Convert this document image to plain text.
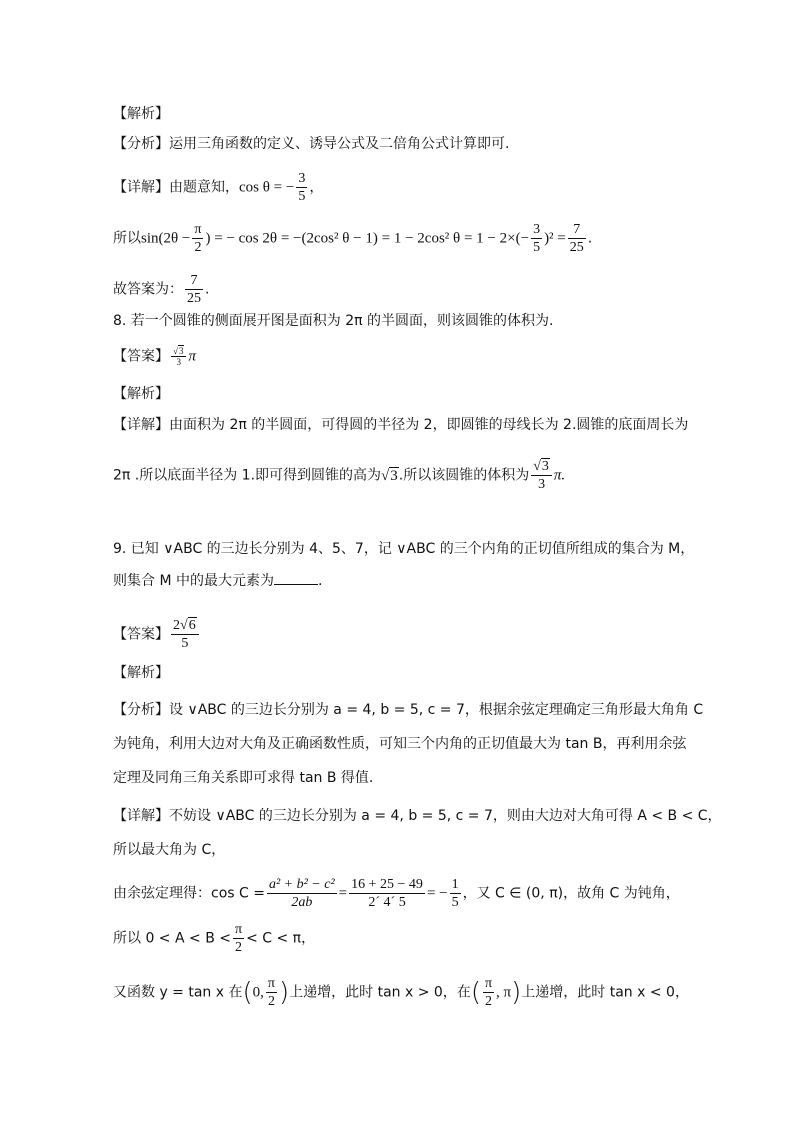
【解析】
【分析】运用三角函数的定义、诱导公式及二倍角公式计算即可.
【详解】由题意知，cos θ = − $\frac{3}{5}$ ，
所以$\sin(2\theta - \frac{\pi}{2}$ ) = − cos 2θ = −(2cos² θ − 1) = 1 − 2cos² $\theta = 1 - 2\times(- \frac{3}{5} )^2 = \frac{7}{25}$ .
故答案为： $\frac{7}{25}$ .
8. 若一个圆锥的侧面展开图是面积为 2π 的半圆面，则该圆锥的体积为.
【答案】 $\frac{√3}{3}$ π
【解析】
【详解】由面积为 2π 的半圆面，可得圆的半径为 2，即圆锥的母线长为 2.圆锥的底面周长为
2π .所以底面半径为 1.即可得到圆锥的高为√3.所以该圆锥的体积为 $\frac{√3}{3} \pi$.
9. 已知 ∨ABC 的三边长分别为 4、5、7，记 ∨ABC 的三个内角的正切值所组成的集合为 M，
则集合 M 中的最大元素为	.
【答案】 $\frac{2√6}{5}$
【解析】
【分析】设 ∨ABC 的三边长分别为 a = 4, b = 5, c = 7，根据余弦定理确定三角形最大角角 C
为钝角，利用大边对大角及正确函数性质，可知三个内角的正切值最大为 tan B，再利用余弦
定理及同角三角关系即可求得 tan B 得值.
【详解】不妨设 ∨ABC 的三边长分别为 a = 4, b = 5, c = 7，则由大边对大角可得 A < B < C，
所以最大角为 C，
由余弦定理得：$\cos C = \frac{\text{a² + b² − c²}}{2ab} = \frac{16 + 25 - 49}{2´ 4´ 5}$ = − $\frac{1}{5}$ ，又 C ∈ (0, π)，故角 C 为钝角，
所以 $0 < A < B < \frac{\pi}{2} < C < \pi$，
又函数 y = tan x 在(0, $\frac{\pi}{2}$ )上递增，此时 tan x > 0，在( $\frac{\pi}{2}$ , π)上递增，此时 tan x < 0，
